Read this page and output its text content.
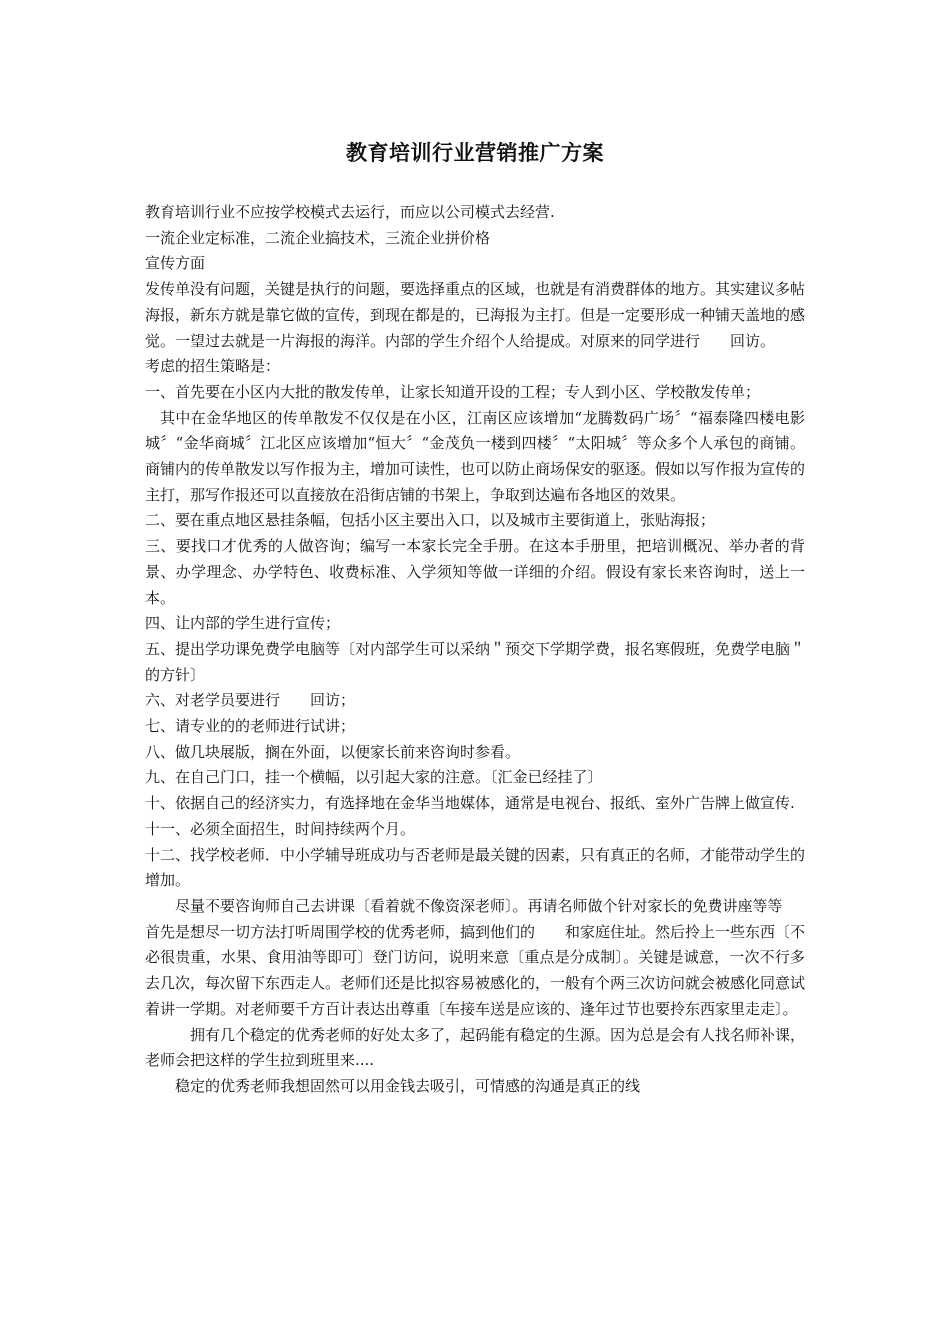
教育培训行业营销推广方案

教育培训行业不应按学校模式去运行，而应以公司模式去经营.

一流企业定标准，二流企业搞技术，三流企业拼价格

宣传方面

发传单没有问题，关键是执行的问题，要选择重点的区域，也就是有消费群体的地方。其实建议多帖海报，新东方就是靠它做的宣传，到现在都是的，已海报为主打。但是一定要形成一种铺天盖地的感觉。一望过去就是一片海报的海洋。内部的学生介绍个人给提成。对原来的同学进行　　回访。

考虑的招生策略是：

一、首先要在小区内大批的散发传单，让家长知道开设的工程；专人到小区、学校散发传单；

其中在金华地区的传单散发不仅仅是在小区，江南区应该增加“龙腾数码广场〞“福泰隆四楼电影城〞“金华商城〞江北区应该增加“恒大〞“金茂负一楼到四楼〞“太阳城〞等众多个人承包的商铺。商铺内的传单散发以写作报为主，增加可读性，也可以防止商场保安的驱逐。假如以写作报为宣传的主打，那写作报还可以直接放在沿街店铺的书架上，争取到达遍布各地区的效果。

二、要在重点地区悬挂条幅，包括小区主要出入口，以及城市主要街道上，张贴海报；

三、要找口才优秀的人做咨询；编写一本家长完全手册。在这本手册里，把培训概况、举办者的背景、办学理念、办学特色、收费标准、入学须知等做一详细的介绍。假设有家长来咨询时，送上一本。

四、让内部的学生进行宣传；

五、提出学功课免费学电脑等〔对内部学生可以采纳＂预交下学期学费，报名寒假班，免费学电脑＂的方针〕

六、对老学员要进行　　回访；

七、请专业的的老师进行试讲；

八、做几块展版，搁在外面，以便家长前来咨询时参看。

九、在自己门口，挂一个横幅，以引起大家的注意。〔汇金已经挂了〕

十、依据自己的经济实力，有选择地在金华当地媒体，通常是电视台、报纸、室外广告牌上做宣传.

十一、必须全面招生，时间持续两个月。

十二、找学校老师．中小学辅导班成功与否老师是最关键的因素，只有真正的名师，才能带动学生的增加。

尽量不要咨询师自己去讲课〔看着就不像资深老师〕。再请名师做个针对家长的免费讲座等等

首先是想尽一切方法打听周围学校的优秀老师，搞到他们的　　和家庭住址。然后拎上一些东西〔不必很贵重，水果、食用油等即可〕登门访问，说明来意〔重点是分成制〕。关键是诚意，一次不行多去几次，每次留下东西走人。老师们还是比拟容易被感化的，一般有个两三次访问就会被感化同意试着讲一学期。对老师要千方百计表达出尊重〔车接车送是应该的、逢年过节也要拎东西家里走走〕。

拥有几个稳定的优秀老师的好处太多了，起码能有稳定的生源。因为总是会有人找名师补课，老师会把这样的学生拉到班里来....

稳定的优秀老师我想固然可以用金钱去吸引，可情感的沟通是真正的线
